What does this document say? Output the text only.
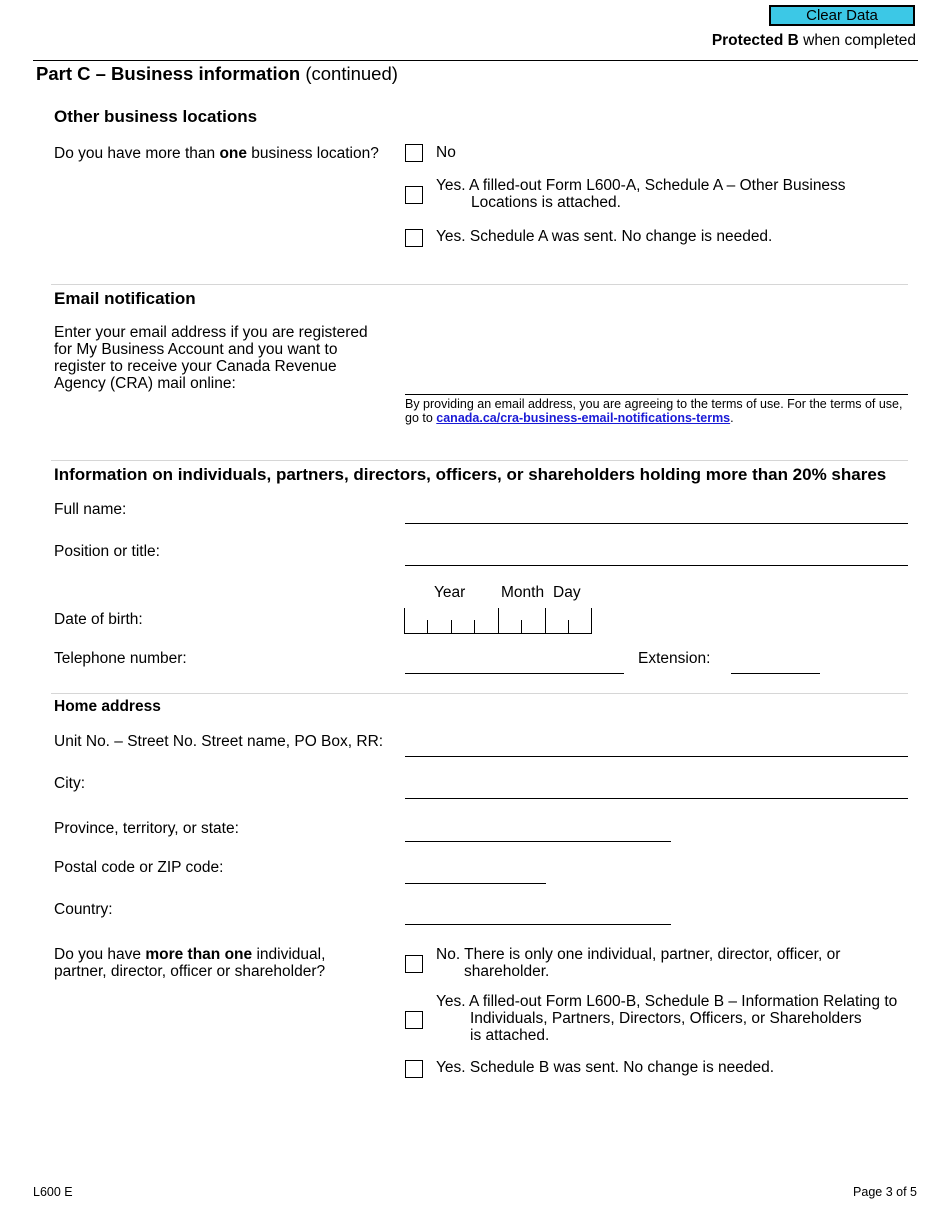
Clear Data
Protected B when completed
Part C – Business information (continued)
Other business locations
Do you have more than one business location?	No
Yes. A filled-out Form L600-A, Schedule A – Other Business
Locations is attached.
Yes. Schedule A was sent. No change is needed.
Email notification
Enter your email address if you are registered
for My Business Account and you want to
register to receive your Canada Revenue
Agency (CRA) mail online:
By providing an email address, you are agreeing to the terms of use. For the terms of use,
go to canada.ca/cra-business-email-notifications-terms.
Information on individuals, partners, directors, officers, or shareholders holding more than 20% shares
Full name:
Position or title:
Year Month Day
Date of birth:
Telephone number:	Extension:
Home address
Unit No. – Street No. Street name, PO Box, RR:
City:
Province, territory, or state:
Postal code or ZIP code:
Country:
Do you have more than one individual,
partner, director, officer or shareholder?
No. There is only one individual, partner, director, officer, or
shareholder.
Yes. A filled-out Form L600-B, Schedule B – Information Relating to
Individuals, Partners, Directors, Officers, or Shareholders
is attached.
Yes. Schedule B was sent. No change is needed.
L600 E	Page 3 of 5
